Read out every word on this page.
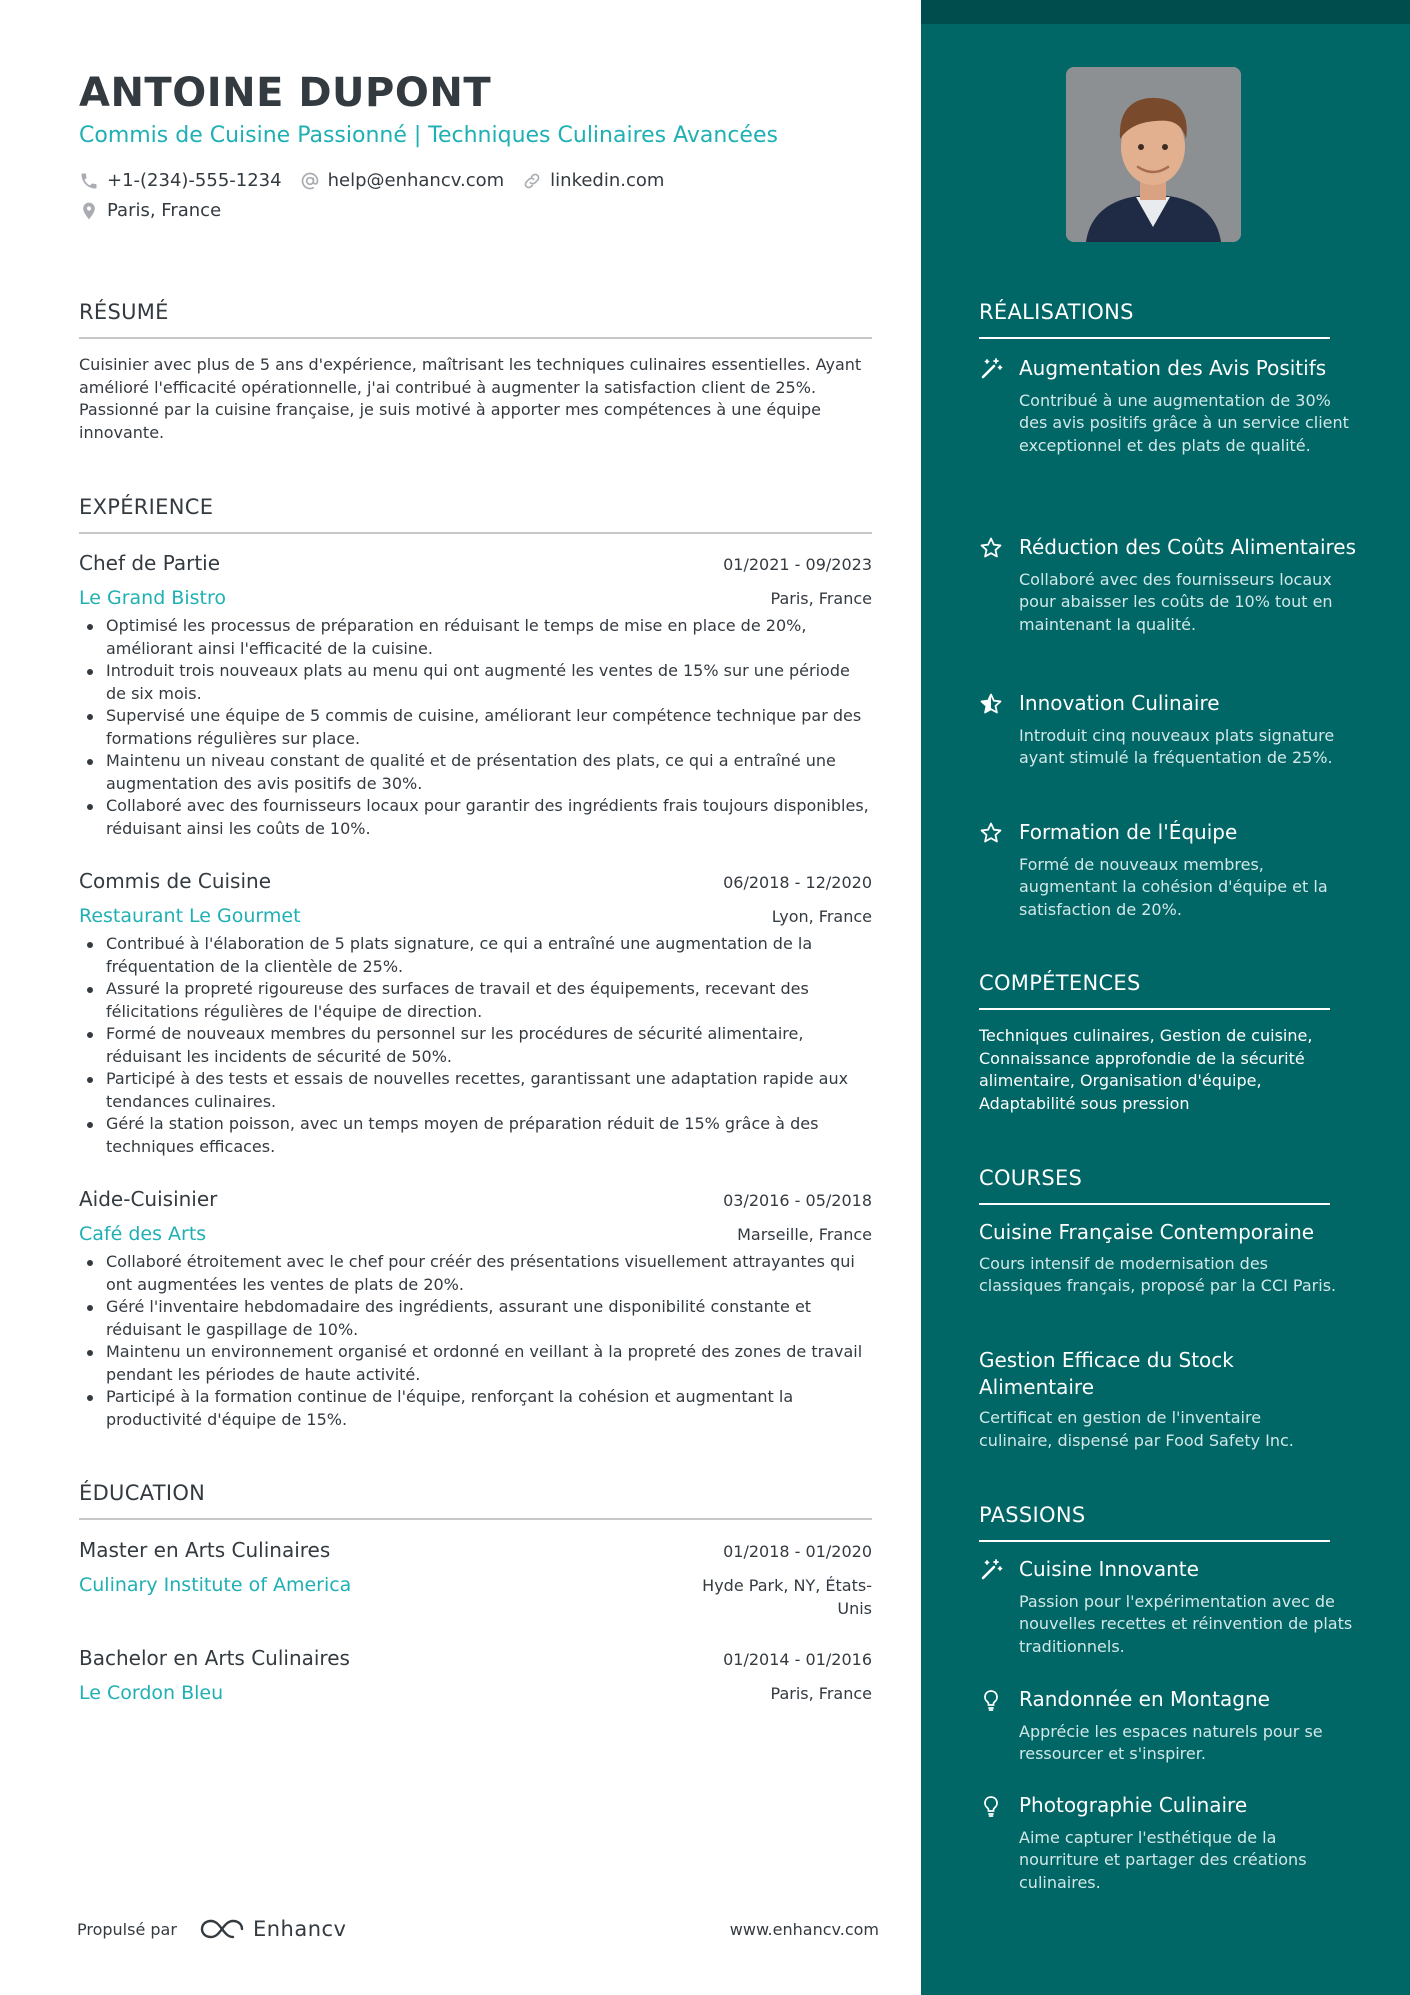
ANTOINE DUPONT
Commis de Cuisine Passionné | Techniques Culinaires Avancées
+1-(234)-555-1234	help@enhancv.com	linkedin.com
Paris, France
RÉSUMÉ
Cuisinier avec plus de 5 ans d'expérience, maîtrisant les techniques culinaires essentielles. Ayant amélioré l'efficacité opérationnelle, j'ai contribué à augmenter la satisfaction client de 25%. Passionné par la cuisine française, je suis motivé à apporter mes compétences à une équipe innovante.
EXPÉRIENCE
Chef de Partie	01/2021 - 09/2023
Le Grand Bistro	Paris, France
Optimisé les processus de préparation en réduisant le temps de mise en place de 20%, améliorant ainsi l'efficacité de la cuisine.
Introduit trois nouveaux plats au menu qui ont augmenté les ventes de 15% sur une période de six mois.
Supervisé une équipe de 5 commis de cuisine, améliorant leur compétence technique par des formations régulières sur place.
Maintenu un niveau constant de qualité et de présentation des plats, ce qui a entraîné une augmentation des avis positifs de 30%.
Collaboré avec des fournisseurs locaux pour garantir des ingrédients frais toujours disponibles, réduisant ainsi les coûts de 10%.
Commis de Cuisine	06/2018 - 12/2020
Restaurant Le Gourmet	Lyon, France
Contribué à l'élaboration de 5 plats signature, ce qui a entraîné une augmentation de la fréquentation de la clientèle de 25%.
Assuré la propreté rigoureuse des surfaces de travail et des équipements, recevant des félicitations régulières de l'équipe de direction.
Formé de nouveaux membres du personnel sur les procédures de sécurité alimentaire, réduisant les incidents de sécurité de 50%.
Participé à des tests et essais de nouvelles recettes, garantissant une adaptation rapide aux tendances culinaires.
Géré la station poisson, avec un temps moyen de préparation réduit de 15% grâce à des techniques efficaces.
Aide-Cuisinier	03/2016 - 05/2018
Café des Arts	Marseille, France
Collaboré étroitement avec le chef pour créér des présentations visuellement attrayantes qui ont augmentées les ventes de plats de 20%.
Géré l'inventaire hebdomadaire des ingrédients, assurant une disponibilité constante et réduisant le gaspillage de 10%.
Maintenu un environnement organisé et ordonné en veillant à la propreté des zones de travail pendant les périodes de haute activité.
Participé à la formation continue de l'équipe, renforçant la cohésion et augmentant la productivité d'équipe de 15%.
ÉDUCATION
Master en Arts Culinaires	01/2018 - 01/2020
Culinary Institute of America	Hyde Park, NY, États-Unis
Bachelor en Arts Culinaires	01/2014 - 01/2016
Le Cordon Bleu	Paris, France
Propulsé par	Enhancv	www.enhancv.com
RÉALISATIONS
Augmentation des Avis Positifs
Contribué à une augmentation de 30% des avis positifs grâce à un service client exceptionnel et des plats de qualité.
Réduction des Coûts Alimentaires
Collaboré avec des fournisseurs locaux pour abaisser les coûts de 10% tout en maintenant la qualité.
Innovation Culinaire
Introduit cinq nouveaux plats signature ayant stimulé la fréquentation de 25%.
Formation de l'Équipe
Formé de nouveaux membres, augmentant la cohésion d'équipe et la satisfaction de 20%.
COMPÉTENCES
Techniques culinaires, Gestion de cuisine, Connaissance approfondie de la sécurité alimentaire, Organisation d'équipe, Adaptabilité sous pression
COURSES
Cuisine Française Contemporaine
Cours intensif de modernisation des classiques français, proposé par la CCI Paris.
Gestion Efficace du Stock Alimentaire
Certificat en gestion de l'inventaire culinaire, dispensé par Food Safety Inc.
PASSIONS
Cuisine Innovante
Passion pour l'expérimentation avec de nouvelles recettes et réinvention de plats traditionnels.
Randonnée en Montagne
Apprécie les espaces naturels pour se ressourcer et s'inspirer.
Photographie Culinaire
Aime capturer l'esthétique de la nourriture et partager des créations culinaires.
